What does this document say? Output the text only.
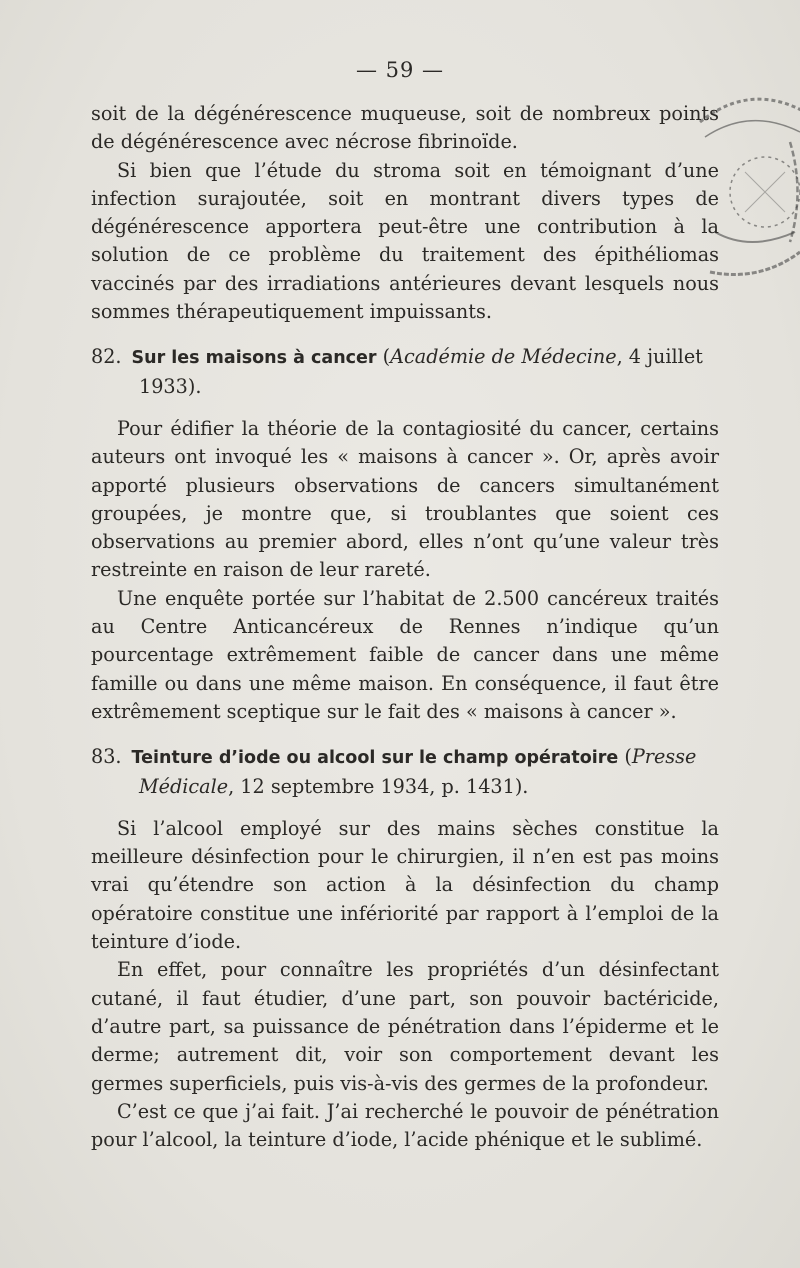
— 59 —

soit de la dégénérescence muqueuse, soit de nombreux points de dégénérescence avec nécrose fibrinoïde.

Si bien que l’étude du stroma soit en témoignant d’une infection surajoutée, soit en montrant divers types de dégénérescence apportera peut-être une contribution à la solution de ce problème du traitement des épithéliomas vaccinés par des irradiations antérieures devant lesquels nous sommes thérapeutiquement impuissants.

82. Sur les maisons à cancer (Académie de Médecine, 4 juillet 1933).

Pour édifier la théorie de la contagiosité du cancer, certains auteurs ont invoqué les « maisons à cancer ». Or, après avoir apporté plusieurs observations de cancers simultanément groupées, je montre que, si troublantes que soient ces observations au premier abord, elles n’ont qu’une valeur très restreinte en raison de leur rareté.

Une enquête portée sur l’habitat de 2.500 cancéreux traités au Centre Anticancéreux de Rennes n’indique qu’un pourcentage extrêmement faible de cancer dans une même famille ou dans une même maison. En conséquence, il faut être extrêmement sceptique sur le fait des « maisons à cancer ».

83. Teinture d’iode ou alcool sur le champ opératoire (Presse Médicale, 12 septembre 1934, p. 1431).

Si l’alcool employé sur des mains sèches constitue la meilleure désinfection pour le chirurgien, il n’en est pas moins vrai qu’étendre son action à la désinfection du champ opératoire constitue une infériorité par rapport à l’emploi de la teinture d’iode.

En effet, pour connaître les propriétés d’un désinfectant cutané, il faut étudier, d’une part, son pouvoir bactéricide, d’autre part, sa puissance de pénétration dans l’épiderme et le derme; autrement dit, voir son comportement devant les germes superficiels, puis vis-à-vis des germes de la profondeur.

C’est ce que j’ai fait. J’ai recherché le pouvoir de pénétration pour l’alcool, la teinture d’iode, l’acide phénique et le sublimé.
